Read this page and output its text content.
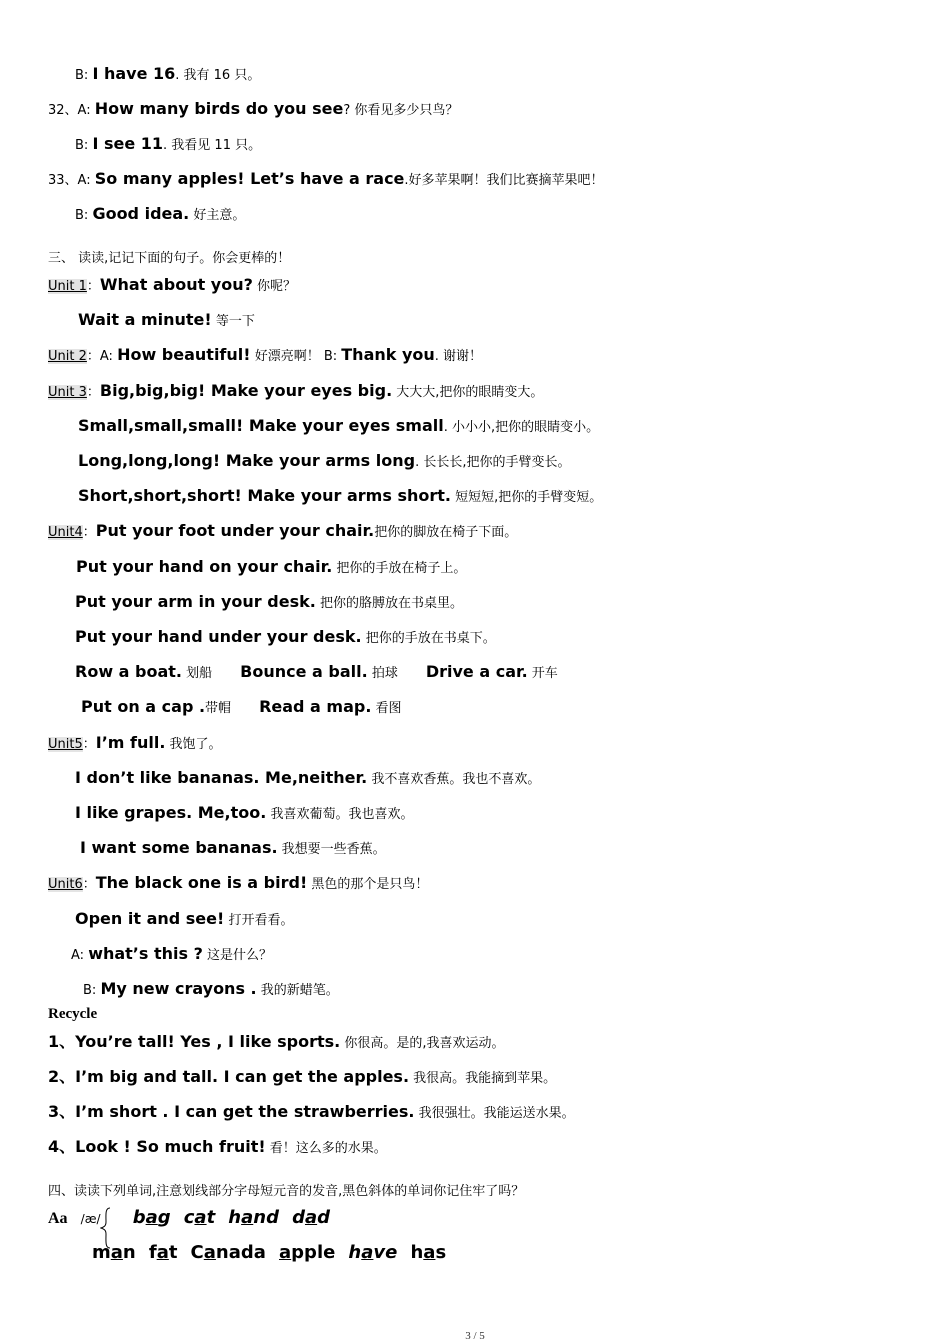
B: I have 16. 我有 16 只。
32、A: How many birds do you see? 你看见多少只鸟？
B: I see 11. 我看见 11 只。
33、A: So many apples! Let’s have a race.好多苹果啊！我们比赛摘苹果吧！
B: Good idea. 好主意。
三、 读读,记记下面的句子。你会更棒的！
Unit 1：What about you? 你呢？
Wait a minute! 等一下
Unit 2：A: How beautiful! 好漂亮啊！ B: Thank you. 谢谢！
Unit 3：Big,big,big! Make your eyes big. 大大大,把你的眼睛变大。
Small,small,small! Make your eyes small. 小小小,把你的眼睛变小。
Long,long,long! Make your arms long. 长长长,把你的手臂变长。
Short,short,short! Make your arms short. 短短短,把你的手臂变短。
Unit4：Put your foot under your chair.把你的脚放在椅子下面。
Put your hand on your chair. 把你的手放在椅子上。
Put your arm in your desk. 把你的胳膊放在书桌里。
Put your hand under your desk. 把你的手放在书桌下。
Row a boat. 划船 Bounce a ball. 拍球 Drive a car. 开车
Put on a cap .带帽 Read a map. 看图
Unit5：I’m full. 我饱了。
I don’t like bananas. Me,neither. 我不喜欢香蕉。我也不喜欢。
I like grapes. Me,too. 我喜欢葡萄。我也喜欢。
I want some bananas. 我想要一些香蕉。
Unit6：The black one is a bird! 黑色的那个是只鸟！
Open it and see! 打开看看。
A: what’s this ? 这是什么？
B: My new crayons . 我的新蜡笔。
Recycle
1、You’re tall! Yes , I like sports. 你很高。是的,我喜欢运动。
2、I’m big and tall. I can get the apples. 我很高。我能摘到苹果。
3、I’m short . I can get the strawberries. 我很强壮。我能运送水果。
4、Look ! So much fruit! 看！这么多的水果。
四、读读下列单词,注意划线部分字母短元音的发音,黑色斜体的单词你记住牢了吗？
Aa /æ/ bag cat hand dad
man fat Canada apple have has
3 / 5
